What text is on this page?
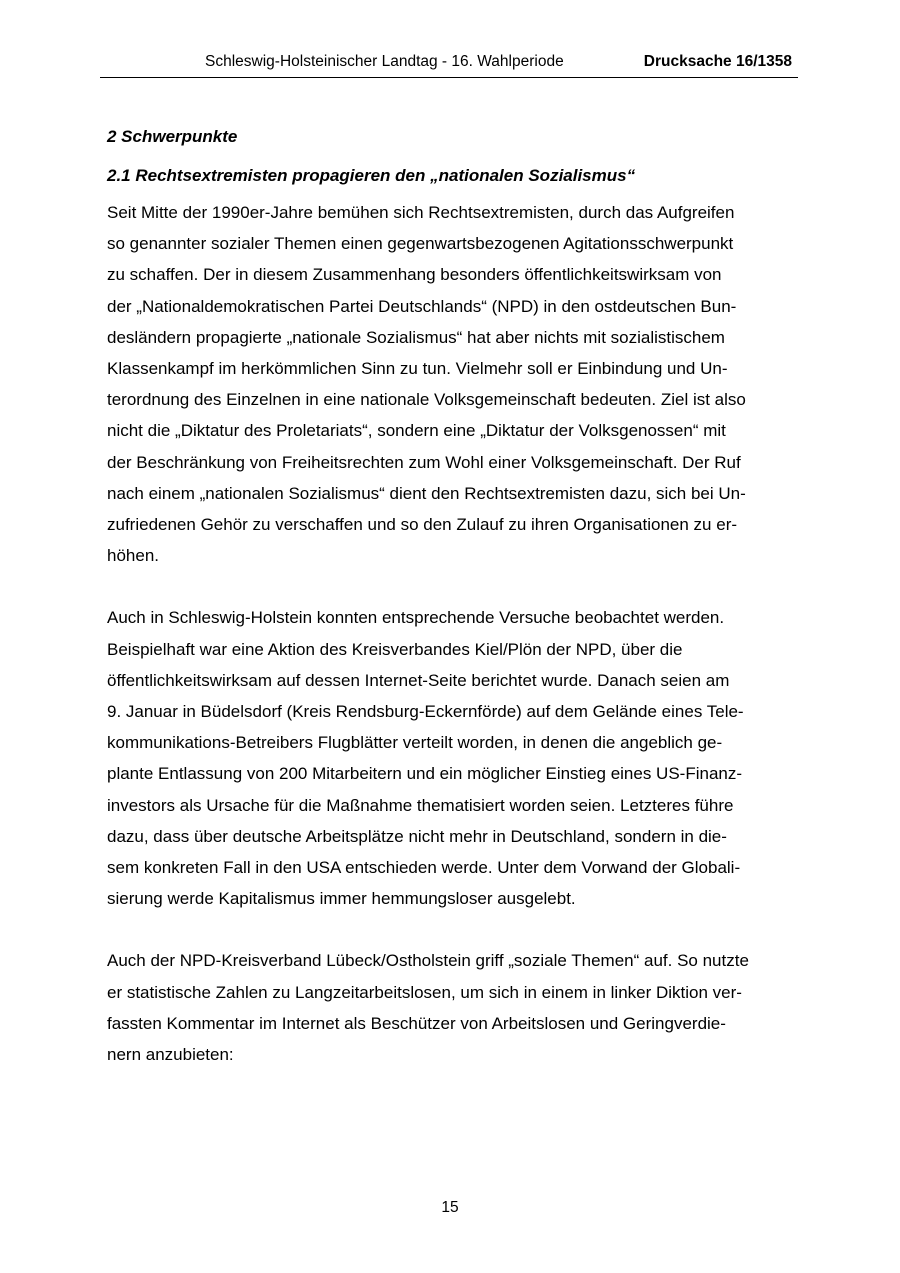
Schleswig-Holsteinischer Landtag - 16. Wahlperiode	Drucksache 16/1358
2 Schwerpunkte
2.1 Rechtsextremisten propagieren den „nationalen Sozialismus“
Seit Mitte der 1990er-Jahre bemühen sich Rechtsextremisten, durch das Aufgreifen
so genannter sozialer Themen einen gegenwartsbezogenen Agitationsschwerpunkt
zu schaffen. Der in diesem Zusammenhang besonders öffentlichkeitswirksam von
der „Nationaldemokratischen Partei Deutschlands“ (NPD) in den ostdeutschen Bun-
desländern propagierte „nationale Sozialismus“ hat aber nichts mit sozialistischem
Klassenkampf im herkömmlichen Sinn zu tun. Vielmehr soll er Einbindung und Un-
terordnung des Einzelnen in eine nationale Volksgemeinschaft bedeuten. Ziel ist also
nicht die „Diktatur des Proletariats“, sondern eine „Diktatur der Volksgenossen“ mit
der Beschränkung von Freiheitsrechten zum Wohl einer Volksgemeinschaft. Der Ruf
nach einem „nationalen Sozialismus“ dient den Rechtsextremisten dazu, sich bei Un-
zufriedenen Gehör zu verschaffen und so den Zulauf zu ihren Organisationen zu er-
höhen.
Auch in Schleswig-Holstein konnten entsprechende Versuche beobachtet werden.
Beispielhaft war eine Aktion des Kreisverbandes Kiel/Plön der NPD, über die
öffentlichkeitswirksam auf dessen Internet-Seite berichtet wurde. Danach seien am
9. Januar in Büdelsdorf (Kreis Rendsburg-Eckernförde) auf dem Gelände eines Tele-
kommunikations-Betreibers Flugblätter verteilt worden, in denen die angeblich ge-
plante Entlassung von 200 Mitarbeitern und ein möglicher Einstieg eines US-Finanz-
investors als Ursache für die Maßnahme thematisiert worden seien. Letzteres führe
dazu, dass über deutsche Arbeitsplätze nicht mehr in Deutschland, sondern in die-
sem konkreten Fall in den USA entschieden werde. Unter dem Vorwand der Globali-
sierung werde Kapitalismus immer hemmungsloser ausgelebt.
Auch der NPD-Kreisverband Lübeck/Ostholstein griff „soziale Themen“ auf. So nutzte
er statistische Zahlen zu Langzeitarbeitslosen, um sich in einem in linker Diktion ver-
fassten Kommentar im Internet als Beschützer von Arbeitslosen und Geringverdie-
nern anzubieten:
15
